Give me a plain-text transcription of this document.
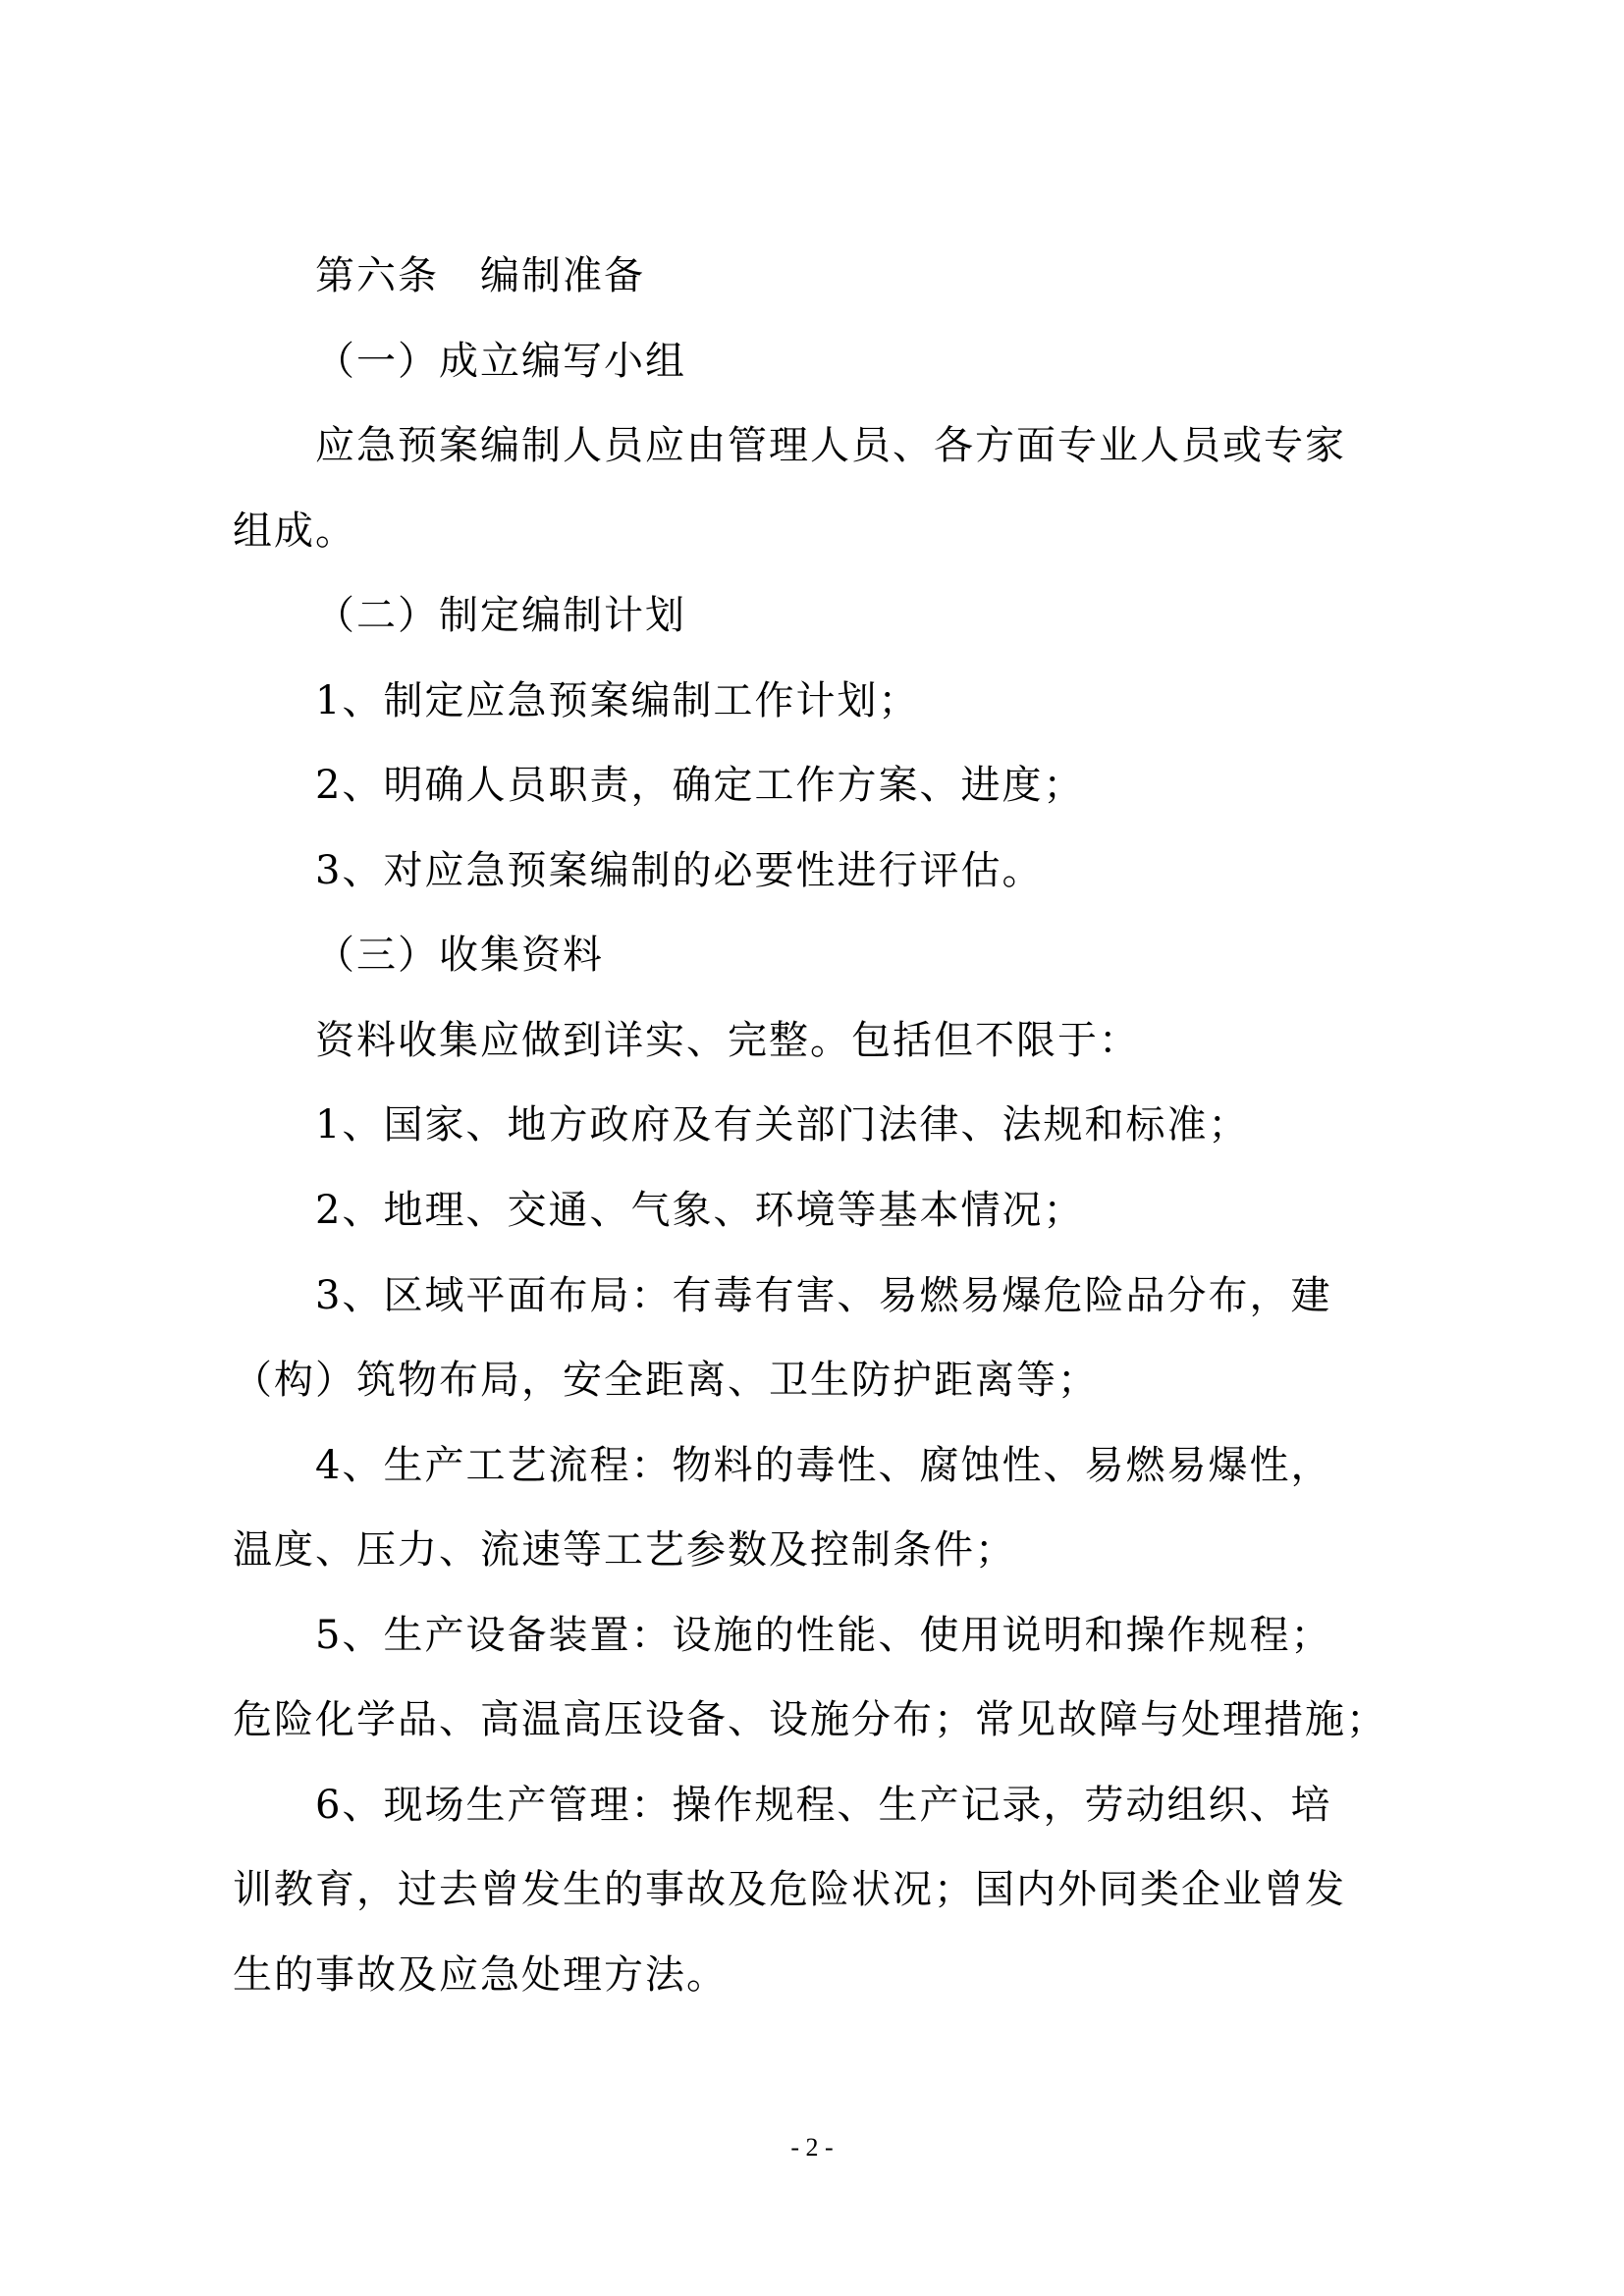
第六条　编制准备
（一）成立编写小组
应急预案编制人员应由管理人员、各方面专业人员或专家
组成。
（二）制定编制计划
1、制定应急预案编制工作计划；
2、明确人员职责，确定工作方案、进度；
3、对应急预案编制的必要性进行评估。
（三）收集资料
资料收集应做到详实、完整。包括但不限于：
1、国家、地方政府及有关部门法律、法规和标准；
2、地理、交通、气象、环境等基本情况；
3、区域平面布局：有毒有害、易燃易爆危险品分布，建
（构）筑物布局，安全距离、卫生防护距离等；
4、生产工艺流程：物料的毒性、腐蚀性、易燃易爆性，
温度、压力、流速等工艺参数及控制条件；
5、生产设备装置：设施的性能、使用说明和操作规程；
危险化学品、高温高压设备、设施分布；常见故障与处理措施；
6、现场生产管理：操作规程、生产记录，劳动组织、培
训教育，过去曾发生的事故及危险状况；国内外同类企业曾发
生的事故及应急处理方法。
- 2 -
